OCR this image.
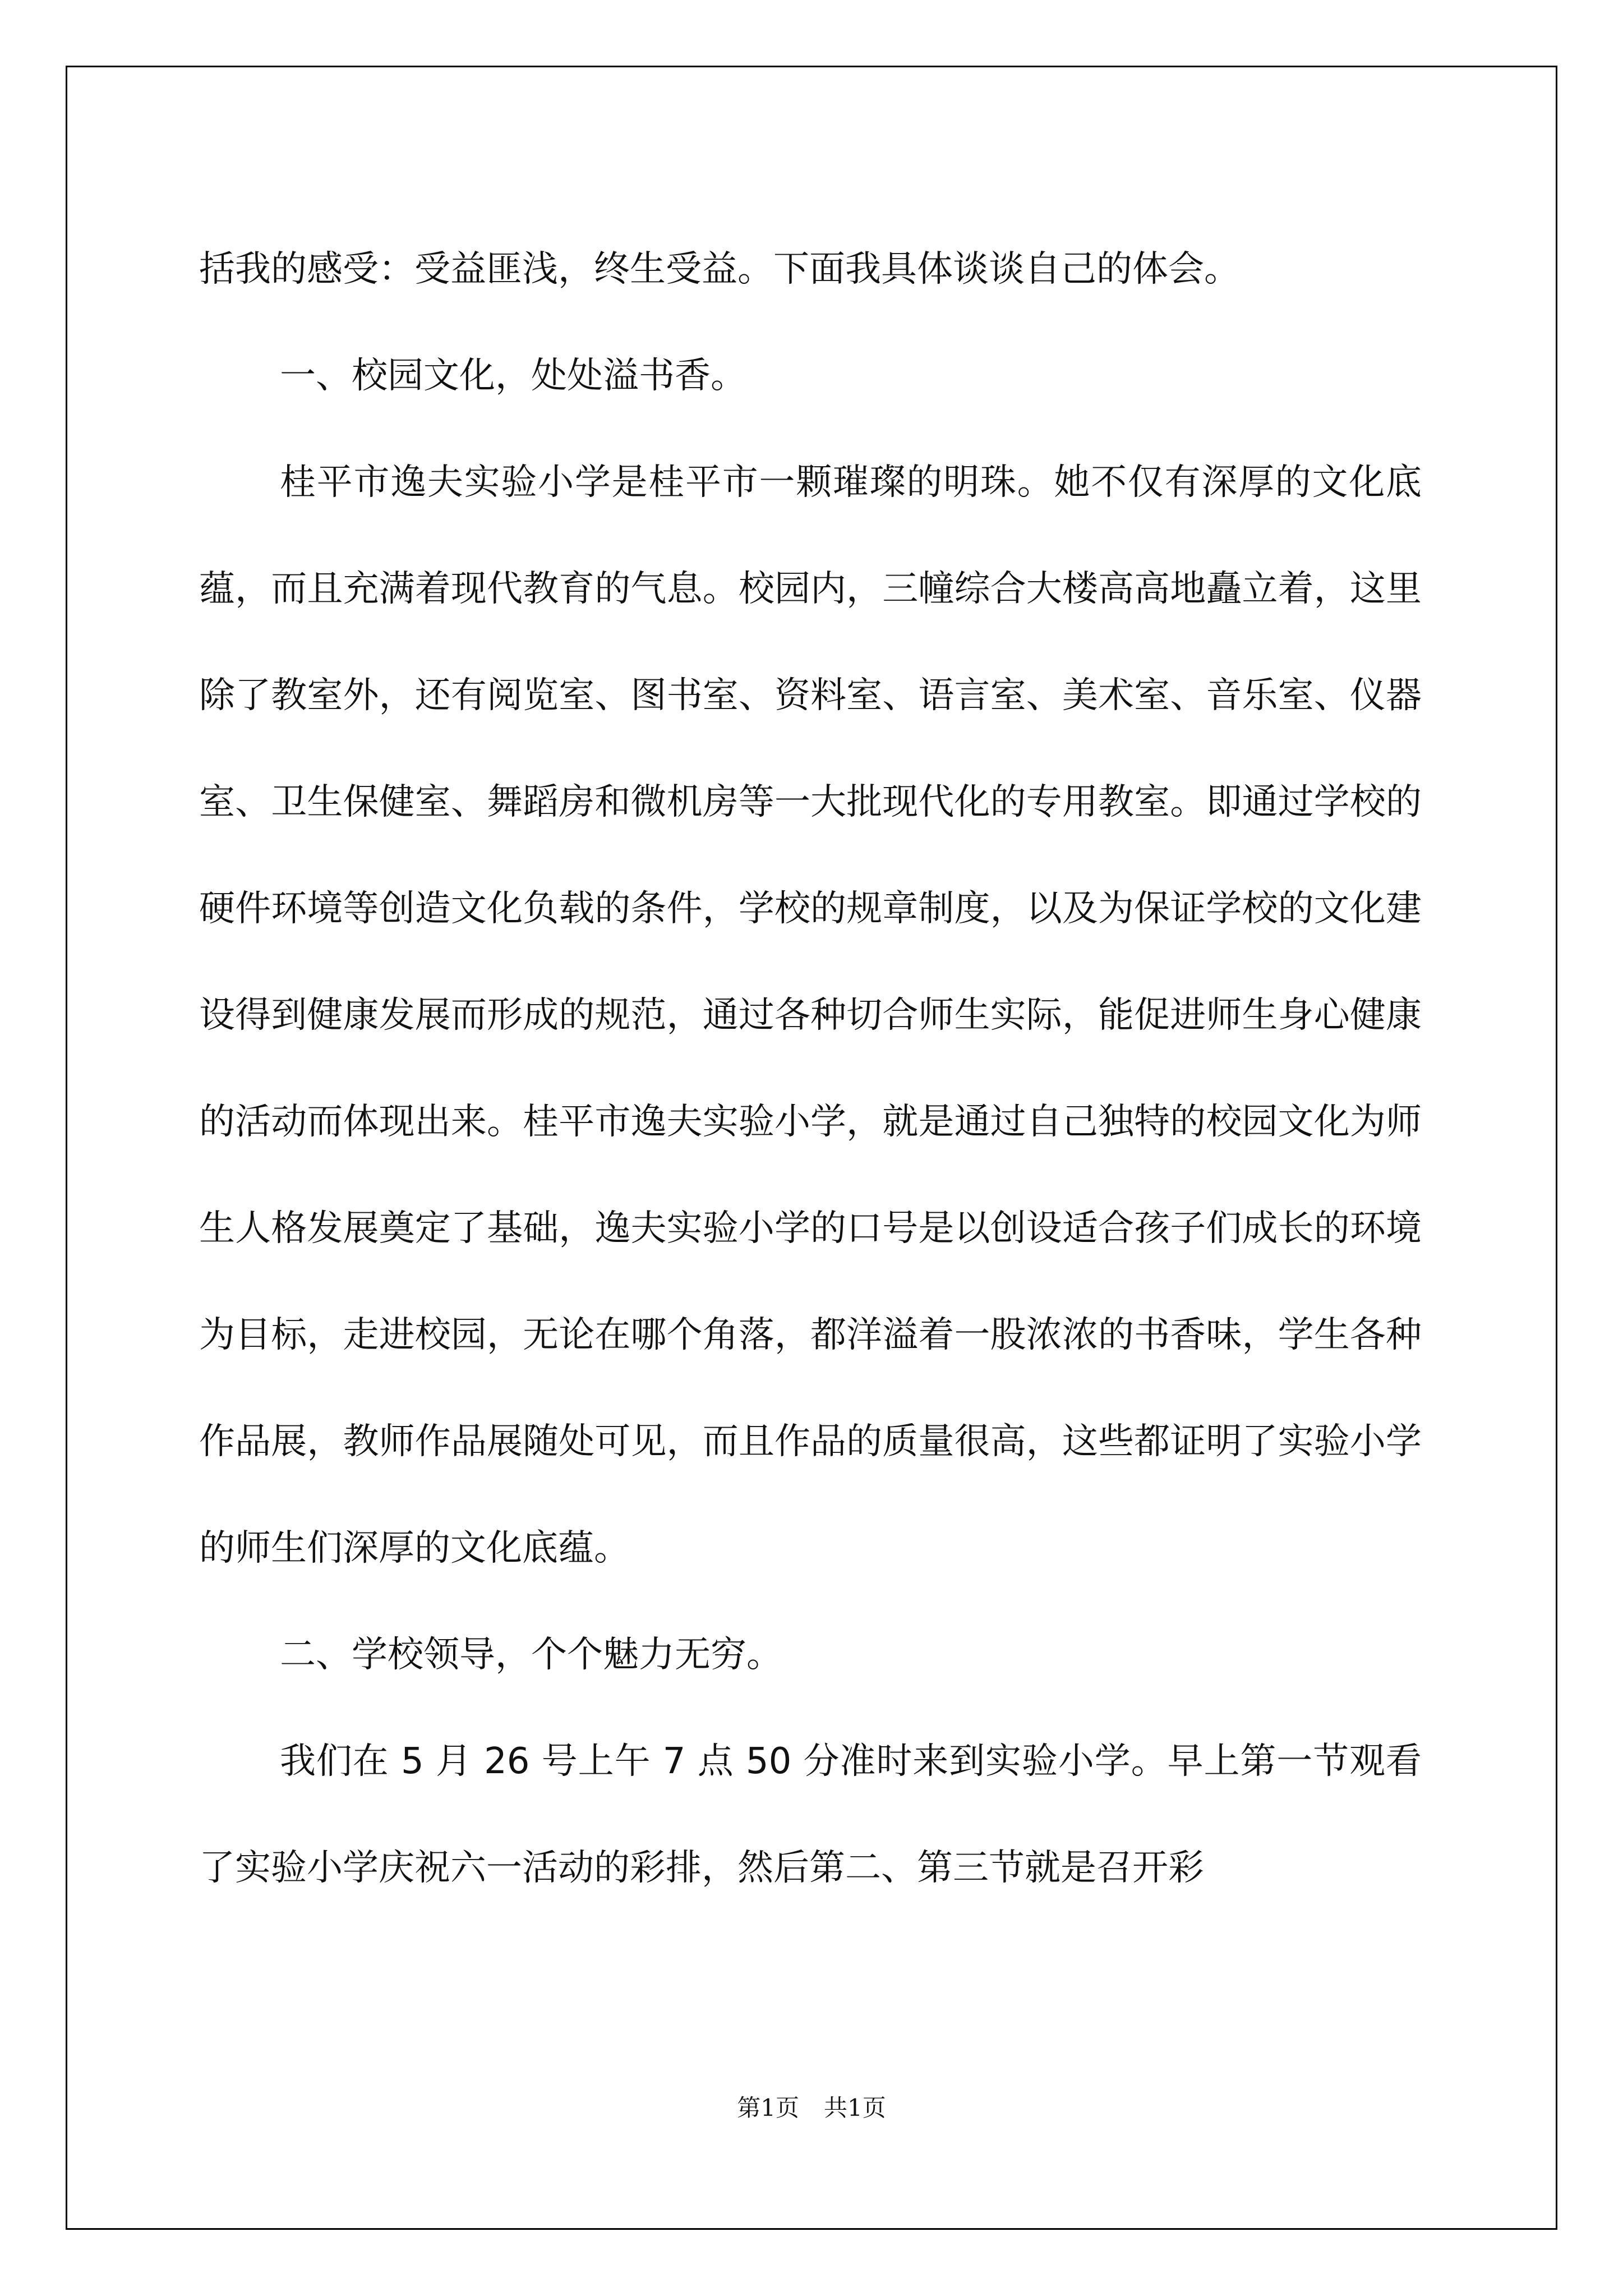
括我的感受：受益匪浅，终生受益。下面我具体谈谈自己的体会。

一、校园文化，处处溢书香。

桂平市逸夫实验小学是桂平市一颗璀璨的明珠。她不仅有深厚的文化底蕴，而且充满着现代教育的气息。校园内，三幢综合大楼高高地矗立着，这里除了教室外，还有阅览室、图书室、资料室、语言室、美术室、音乐室、仪器室、卫生保健室、舞蹈房和微机房等一大批现代化的专用教室。即通过学校的硬件环境等创造文化负载的条件，学校的规章制度，以及为保证学校的文化建设得到健康发展而形成的规范，通过各种切合师生实际，能促进师生身心健康的活动而体现出来。桂平市逸夫实验小学，就是通过自己独特的校园文化为师生人格发展奠定了基础，逸夫实验小学的口号是以创设适合孩子们成长的环境为目标，走进校园，无论在哪个角落，都洋溢着一股浓浓的书香味，学生各种作品展，教师作品展随处可见，而且作品的质量很高，这些都证明了实验小学的师生们深厚的文化底蕴。

二、学校领导，个个魅力无穷。

我们在 5 月 26 号上午 7 点 50 分准时来到实验小学。早上第一节观看了实验小学庆祝六一活动的彩排，然后第二、第三节就是召开彩

第1页 共1页
